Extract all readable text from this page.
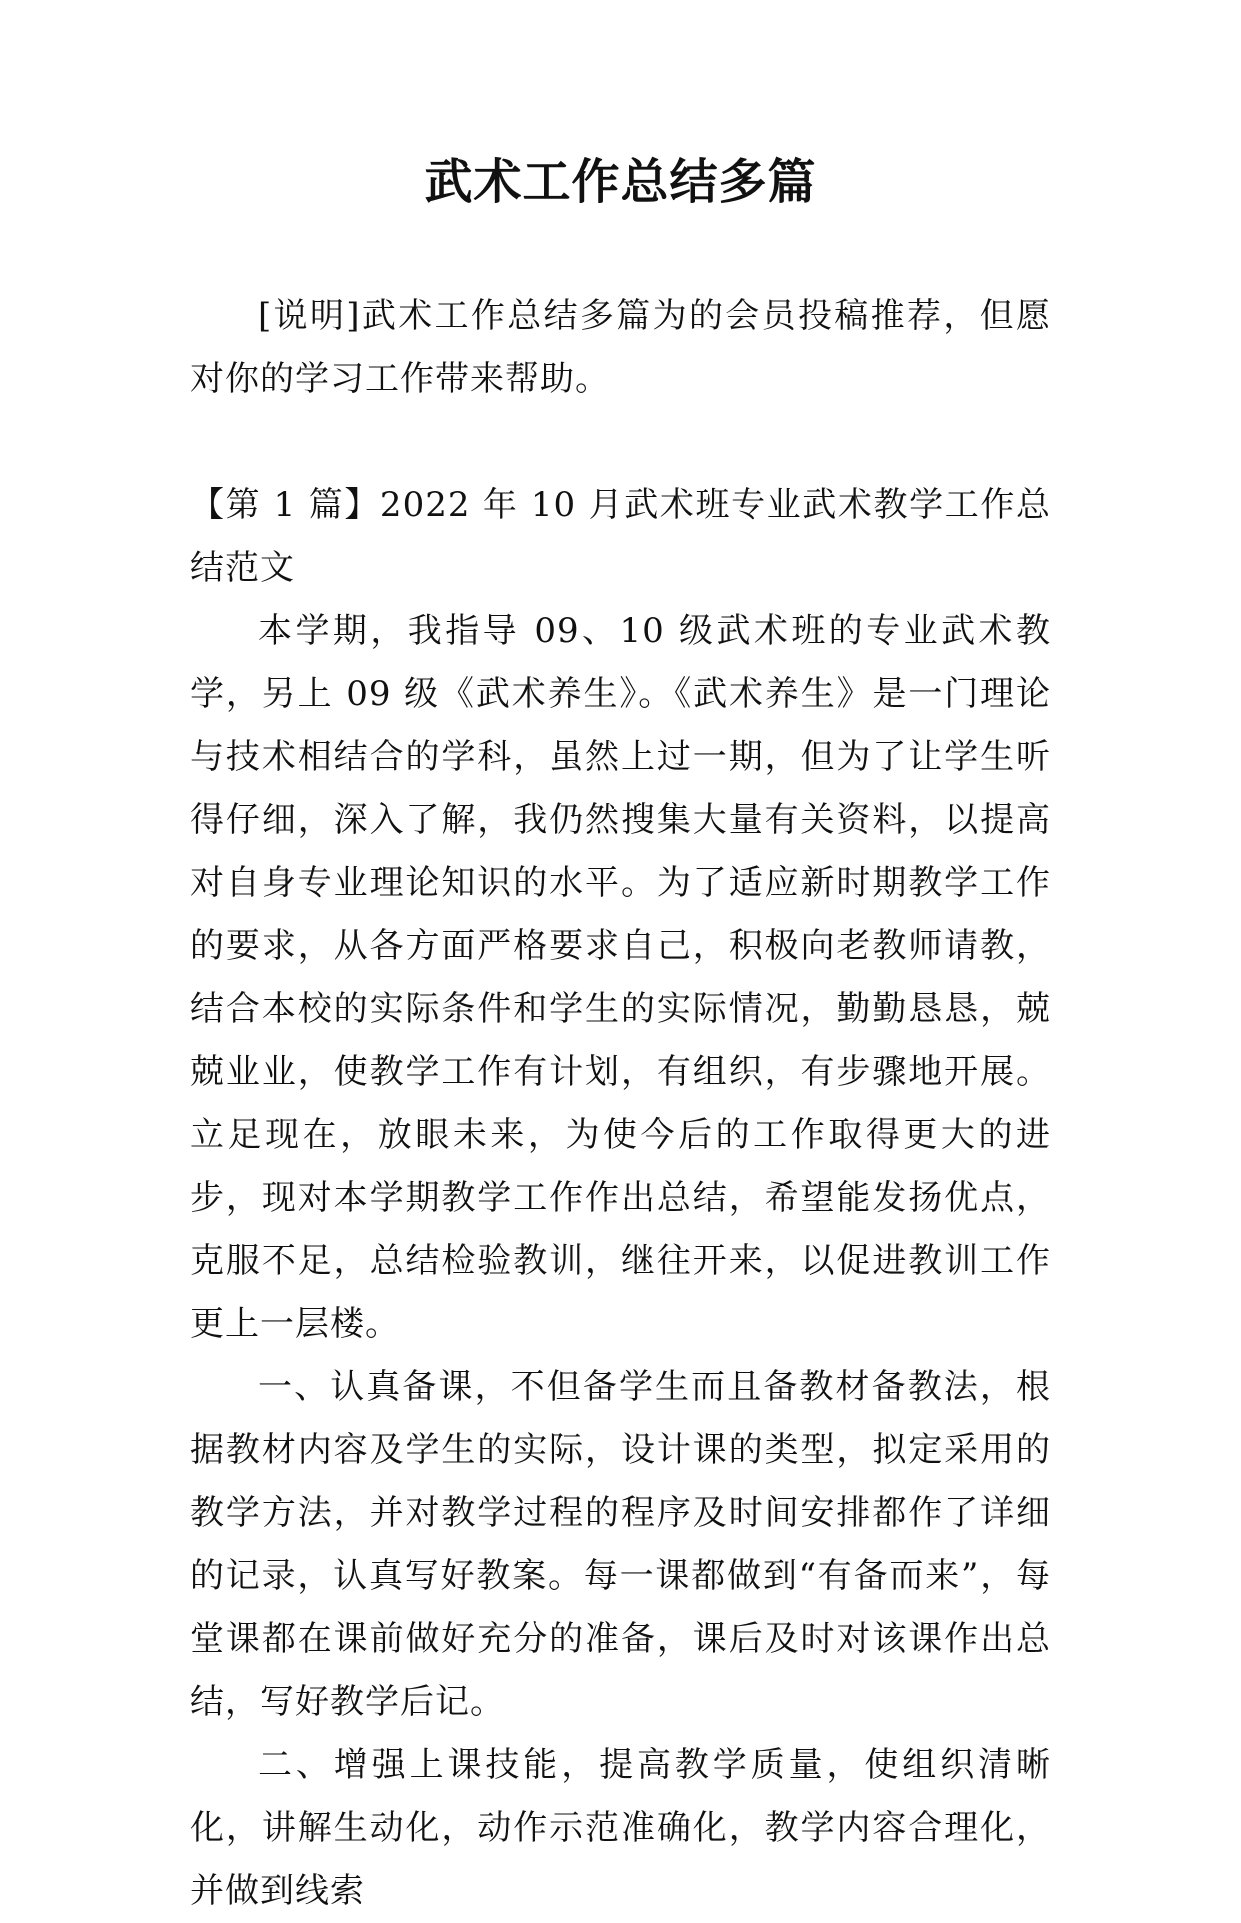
武术工作总结多篇

[说明]武术工作总结多篇为的会员投稿推荐，但愿对你的学习工作带来帮助。

【第 1 篇】2022 年 10 月武术班专业武术教学工作总结范文

本学期，我指导 09、10 级武术班的专业武术教学，另上 09 级《武术养生》。《武术养生》是一门理论与技术相结合的学科，虽然上过一期，但为了让学生听得仔细，深入了解，我仍然搜集大量有关资料，以提高对自身专业理论知识的水平。为了适应新时期教学工作的要求，从各方面严格要求自己，积极向老教师请教，结合本校的实际条件和学生的实际情况，勤勤恳恳，兢兢业业，使教学工作有计划，有组织，有步骤地开展。立足现在，放眼未来，为使今后的工作取得更大的进步，现对本学期教学工作作出总结，希望能发扬优点，克服不足，总结检验教训，继往开来，以促进教训工作更上一层楼。

一、认真备课，不但备学生而且备教材备教法，根据教材内容及学生的实际，设计课的类型，拟定采用的教学方法，并对教学过程的程序及时间安排都作了详细的记录，认真写好教案。每一课都做到“有备而来”，每堂课都在课前做好充分的准备，课后及时对该课作出总结，写好教学后记。

二、增强上课技能，提高教学质量，使组织清晰化，讲解生动化，动作示范准确化，教学内容合理化，并做到线索
